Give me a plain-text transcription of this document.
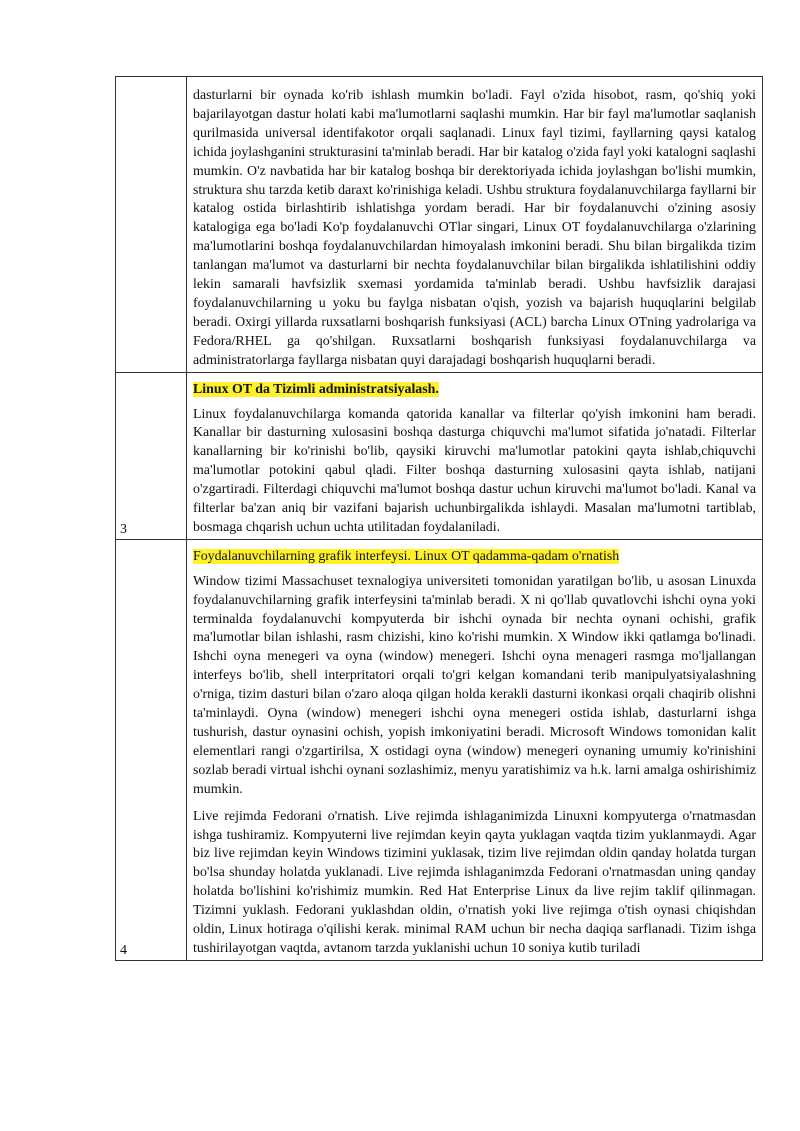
	dasturlarni bir oynada ko'rib ishlash mumkin bo'ladi. Fayl o'zida hisobot, rasm, qo'shiq yoki bajarilayotgan dastur holati kabi ma'lumotlarni saqlashi mumkin. Har bir fayl ma'lumotlar saqlanish qurilmasida universal identifakotor orqali saqlanadi. Linux fayl tizimi, fayllarning qaysi katalog ichida joylashganini strukturasini ta'minlab beradi. Har bir katalog o'zida fayl yoki katalogni saqlashi mumkin. O'z navbatida har bir katalog boshqa bir derektoriyada ichida joylashgan bo'lishi mumkin, struktura shu tarzda ketib daraxt ko'rinishiga keladi. Ushbu struktura foydalanuvchilarga fayllarni bir katalog ostida birlashtirib ishlatishga yordam beradi. Har bir foydalanuvchi o'zining asosiy katalogiga ega bo'ladi Ko'p foydalanuvchi OTlar singari, Linux OT foydalanuvchilarga o'zlarining ma'lumotlarini boshqa foydalanuvchilardan himoyalash imkonini beradi. Shu bilan birgalikda tizim tanlangan ma'lumot va dasturlarni bir nechta foydalanuvchilar bilan birgalikda ishlatilishini oddiy lekin samarali havfsizlik sxemasi yordamida ta'minlab beradi. Ushbu havfsizlik darajasi foydalanuvchilarning u yoku bu faylga nisbatan o'qish, yozish va bajarish huquqlarini belgilab beradi. Oxirgi yillarda ruxsatlarni boshqarish funksiyasi (ACL) barcha Linux OTning yadrolariga va Fedora/RHEL ga qo'shilgan. Ruxsatlarni boshqarish funksiyasi foydalanuvchilarga va administratorlarga fayllarga nisbatan quyi darajadagi boshqarish huquqlarni beradi.

3	Linux OT da Tizimli administratsiyalash.

Linux foydalanuvchilarga komanda qatorida kanallar va filterlar qo'yish imkonini ham beradi. Kanallar bir dasturning xulosasini boshqa dasturga chiquvchi ma'lumot sifatida jo'natadi. Filterlar kanallarning bir ko'rinishi bo'lib, qaysiki kiruvchi ma'lumotlar patokini qayta ishlab,chiquvchi ma'lumotlar potokini qabul qladi. Filter boshqa dasturning xulosasini qayta ishlab, natijani o'zgartiradi. Filterdagi chiquvchi ma'lumot boshqa dastur uchun kiruvchi ma'lumot bo'ladi. Kanal va filterlar ba'zan aniq bir vazifani bajarish uchunbirgalikda ishlaydi. Masalan ma'lumotni tartiblab, bosmaga chqarish uchun uchta utilitadan foydalaniladi.

4	Foydalanuvchilarning grafik interfeysi. Linux OT qadamma-qadam o'rnatish

Window tizimi Massachuset texnalogiya universiteti tomonidan yaratilgan bo'lib, u asosan Linuxda foydalanuvchilarning grafik interfeysini ta'minlab beradi. X ni qo'llab quvatlovchi ishchi oyna yoki terminalda foydalanuvchi kompyuterda bir ishchi oynada bir nechta oynani ochishi, grafik ma'lumotlar bilan ishlashi, rasm chizishi, kino ko'rishi mumkin. X Window ikki qatlamga bo'linadi. Ishchi oyna menegeri va oyna (window) menegeri. Ishchi oyna menageri rasmga mo'ljallangan interfeys bo'lib, shell interpritatori orqali to'gri kelgan komandani terib manipulyatsiyalashning o'rniga, tizim dasturi bilan o'zaro aloqa qilgan holda kerakli dasturni ikonkasi orqali chaqirib olishni ta'minlaydi. Oyna (window) menegeri ishchi oyna menegeri ostida ishlab, dasturlarni ishga tushurish, dastur oynasini ochish, yopish imkoniyatini beradi. Microsoft Windows tomonidan kalit elementlari rangi o'zgartirilsa, X ostidagi oyna (window) menegeri oynaning umumiy ko'rinishini sozlab beradi virtual ishchi oynani sozlashimiz, menyu yaratishimiz va h.k. larni amalga oshirishimiz mumkin.

Live rejimda Fedorani o'rnatish. Live rejimda ishlaganimizda Linuxni kompyuterga o'rnatmasdan ishga tushiramiz. Kompyuterni live rejimdan keyin qayta yuklagan vaqtda tizim yuklanmaydi. Agar biz live rejimdan keyin Windows tizimini yuklasak, tizim live rejimdan oldin qanday holatda turgan bo'lsa shunday holatda yuklanadi. Live rejimda ishlaganimzda Fedorani o'rnatmasdan uning qanday holatda bo'lishini ko'rishimiz mumkin. Red Hat Enterprise Linux da live rejim taklif qilinmagan. Tizimni yuklash. Fedorani yuklashdan oldin, o'rnatish yoki live rejimga o'tish oynasi chiqishdan oldin, Linux hotiraga o'qilishi kerak. minimal RAM uchun bir necha daqiqa sarflanadi. Tizim ishga tushirilayotgan vaqtda, avtanom tarzda yuklanishi uchun 10 soniya kutib turiladi
